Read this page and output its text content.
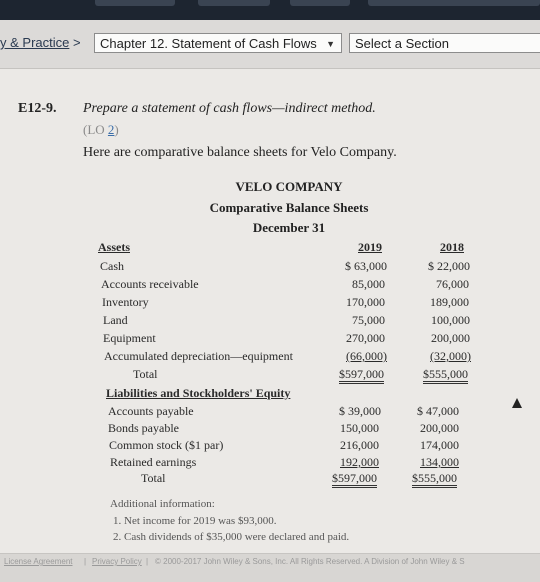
y & Practice >	Chapter 12. Statement of Cash Flows ▼	Select a Section
E12-9. Prepare a statement of cash flows—indirect method.
(LO 2)
Here are comparative balance sheets for Velo Company.
VELO COMPANY
Comparative Balance Sheets
December 31
Assets	2019	2018
Cash	$ 63,000	$ 22,000
Accounts receivable	85,000	76,000
Inventory	170,000	189,000
Land	75,000	100,000
Equipment	270,000	200,000
Accumulated depreciation—equipment	(66,000)	(32,000)
Total	$597,000	$555,000
Liabilities and Stockholders' Equity
Accounts payable	$ 39,000	$ 47,000
Bonds payable	150,000	200,000
Common stock ($1 par)	216,000	174,000
Retained earnings	192,000	134,000
Total	$597,000	$555,000
Additional information:
1. Net income for 2019 was $93,000.
2. Cash dividends of $35,000 were declared and paid.
License Agreement | Privacy Policy | © 2000-2017 John Wiley & Sons, Inc. All Rights Reserved. A Division of John Wiley & S
